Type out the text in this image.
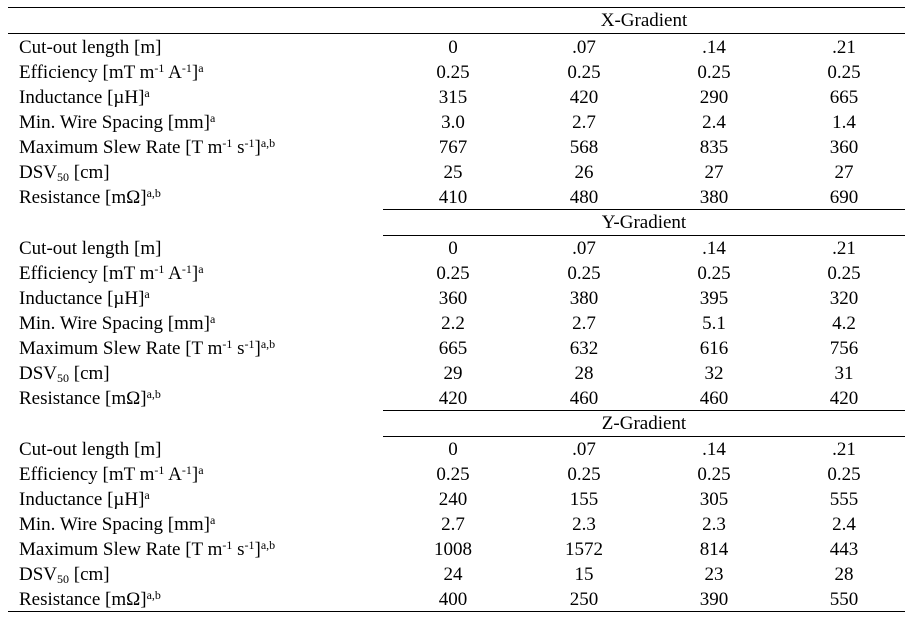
X-Gradient
Cut-out length [m]	0	.07	.14	.21
Efficiency [mT $m^{-1}$ $A^{-1}]^a$	0.25	0.25	0.25	0.25
Inductance $[\mu H]^a$	315	420	290	665
Min. Wire Spacing [mm]$^a$	3.0	2.7	2.4	1.4
Maximum Slew Rate [T $m^{-1}$ $s^{-1}]^{a,b}$	767	568	835	360
$DSV_{50}$ [cm]	25	26	27	27
Resistance $[m\Omega]^{a,b}$	410	480	380	690
Y-Gradient
Cut-out length [m]	0	.07	.14	.21
Efficiency [mT $m^{-1}$ $A^{-1}]^a$	0.25	0.25	0.25	0.25
Inductance $[\mu H]^a$	360	380	395	320
Min. Wire Spacing [mm]$^a$	2.2	2.7	5.1	4.2
Maximum Slew Rate [T $m^{-1}$ $s^{-1}]^{a,b}$	665	632	616	756
$DSV_{50}$ [cm]	29	28	32	31
Resistance $[m\Omega]^{a,b}$	420	460	460	420
Z-Gradient
Cut-out length [m]	0	.07	.14	.21
Efficiency [mT $m^{-1}$ $A^{-1}]^a$	0.25	0.25	0.25	0.25
Inductance $[\mu H]^a$	240	155	305	555
Min. Wire Spacing [mm]$^a$	2.7	2.3	2.3	2.4
Maximum Slew Rate [T $m^{-1}$ $s^{-1}]^{a,b}$	1008	1572	814	443
$DSV_{50}$ [cm]	24	15	23	28
Resistance $[m\Omega]^{a,b}$	400	250	390	550
